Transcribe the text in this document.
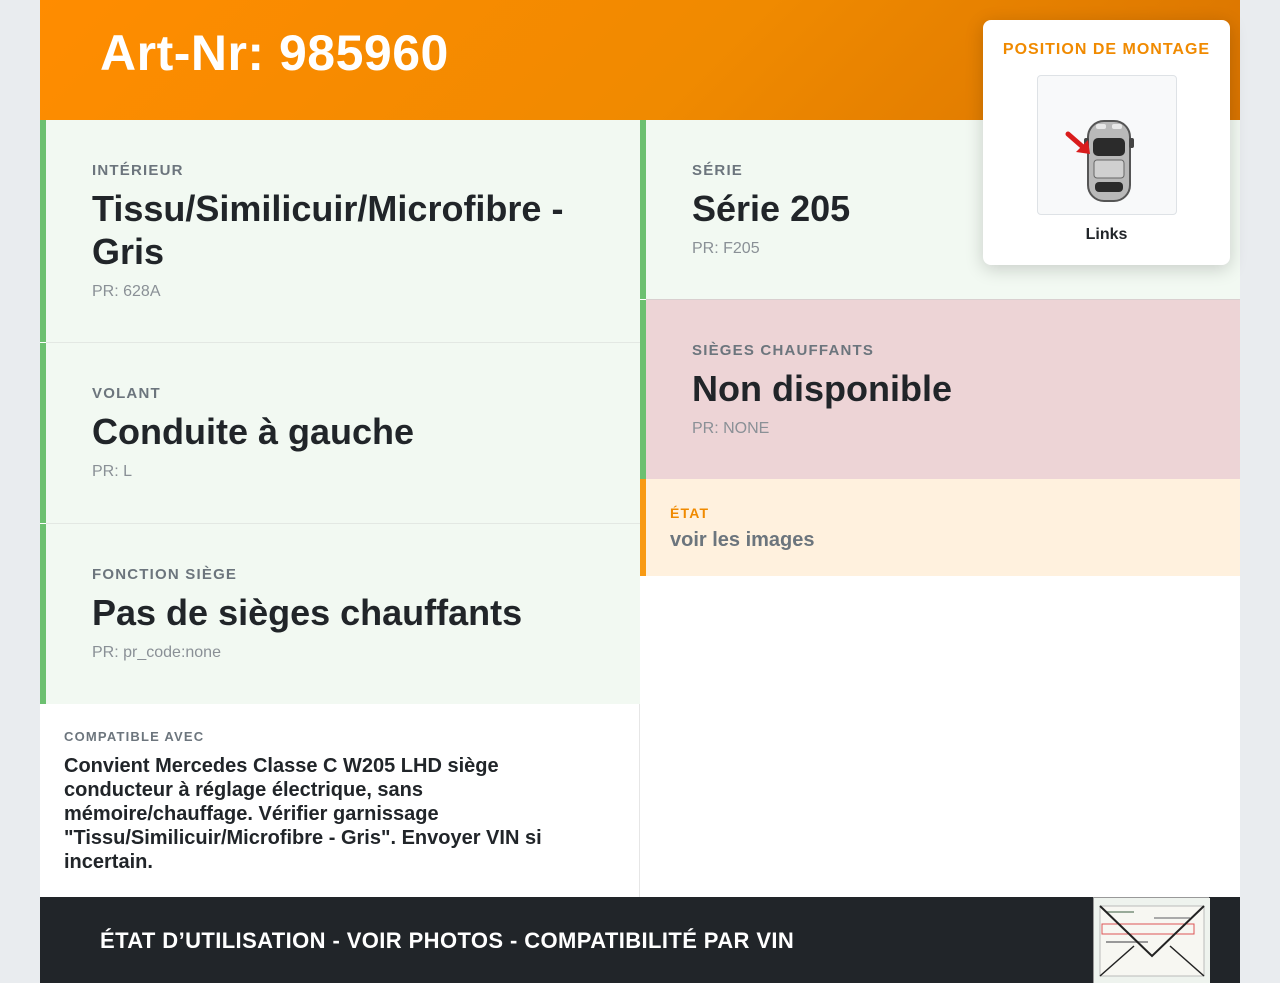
Art-Nr: 985960
INTÉRIEUR
Tissu/Similicuir/Microfibre - Gris
PR: 628A
VOLANT
Conduite à gauche
PR: L
FONCTION SIÈGE
Pas de sièges chauffants
PR: pr_code:none
SÉRIE
Série 205
PR: F205
SIÈGES CHAUFFANTS
Non disponible
PR: NONE
ÉTAT
voir les images
COMPATIBLE AVEC
Convient Mercedes Classe C W205 LHD siège conducteur à réglage électrique, sans mémoire/chauffage. Vérifier garnissage "Tissu/Similicuir/Microfibre - Gris". Envoyer VIN si incertain.
ÉTAT D’UTILISATION - VOIR PHOTOS - COMPATIBILITÉ PAR VIN
POSITION DE MONTAGE
Links
